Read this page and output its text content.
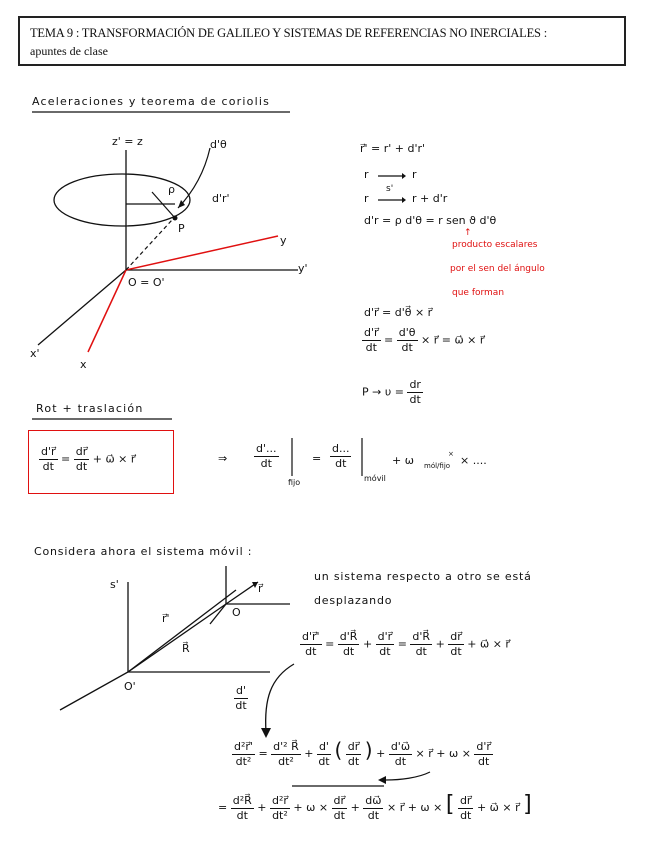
TEMA 9 : TRANSFORMACIÓN DE GALILEO Y SISTEMAS DE REFERENCIAS NO INERCIALES :
apuntes de clase
Aceleraciones y teorema de coriolis
z' = z	d'θ
ρ
d'r'
P
y
y'
O = O'
x'
x
r⃗' = r' + d'r'
r	r
r
s'
r + d'r
d'r = ρ d'θ = r sen ϑ d'θ
↑
producto escalares
por el sen del ángulo
que forman
d'r⃗ = d'θ⃗ × r⃗
$\frac{d'r⃗}{dt} = \frac{d'\theta}{dt}$ × r⃗ = ω⃗ × r⃗
$P \to \upsilon = \frac{dr}{dt}$
Rot + traslación
$\frac{d'r⃗}{dt} = \frac{dr⃗}{dt}$ + ω⃗ × r⃗	⇒ $\frac{d'...}{dt}$
fijo
= $\frac{d...}{dt}$
móvil
+ ω mól/fijo
× × ....
Considera ahora el sistema móvil :
s'
r⃗'
R⃗
O
r⃗
O'
un sistema respecto a otro se está
desplazando
$\frac{d'}{dt}$
$\frac{d'r⃗'}{dt} = \frac{d'R⃗}{dt} + \frac{d'r⃗}{dt} = \frac{d'R⃗}{dt} + \frac{dr⃗}{dt}$ + ω⃗ × r⃗
$\frac{\text{d²r⃗'}}{\text{dt²}} = \frac{\text{d'² R⃗}}{\text{dt²}} + \frac{d'}{dt}$ ( $\frac{dr⃗}{dt}$ ) + $\frac{d'\omega⃗}{dt}$ × r⃗ + $\omega \times \frac{d'r⃗}{dt}$
= $\frac{\text{d²R⃗}}{dt} + \frac{\text{d²r⃗}}{\text{dt²}} + \omega \times \frac{dr⃗}{dt} + \frac{d\omega⃗}{dt}$ × r⃗ + ω × [ $\frac{dr⃗}{dt}$ + ω⃗ × r⃗ ]
